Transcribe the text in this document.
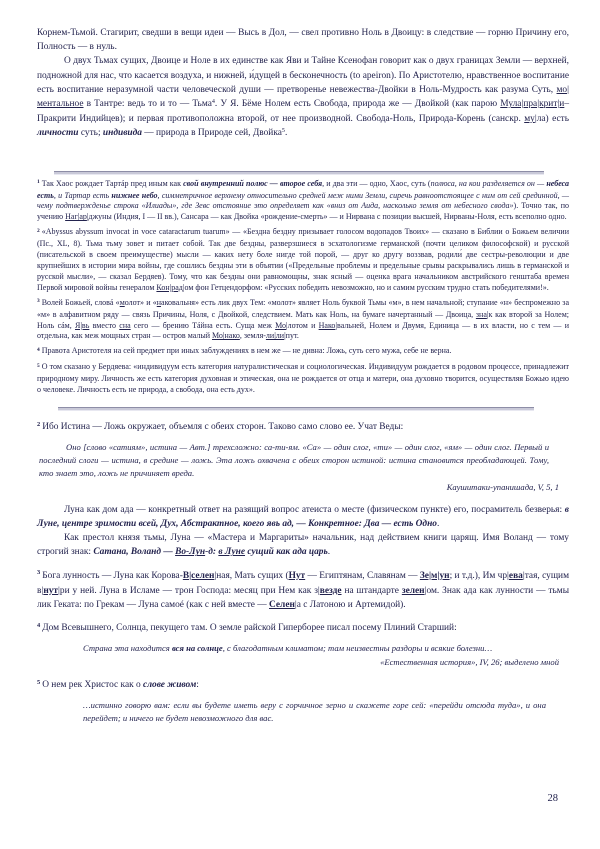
Корнем-Тьмой. Стагирит, сведши в вещи идеи — Высь в Дол, — свел противно Ноль в Двоицу: в следствие — горню Причину его, Полность — в нуль.

О двух Тьмах сущих, Двоице и Ноле в их единстве как Яви и Тайне Ксенофан говорит как о двух границах Земли — верхней, подножной для нас, что касается воздуха, и нижней, и́дущей в бесконечность (to apeiron). По Аристотелю, нравственное воспитание есть воспитание неразумной части человеческой души — претворенье невежества-Двойки в Ноль-Мудрость как разума Суть, мо|ментальное в Тантре: ведь то и то — Тьма$^4$. У Я. Бёме Нолем есть Свобода, природа же — Двойкой (как парою Мула|пра|крит|и–Пракрити Индийцев); и первая противоположна второй, от нее производной. Свобода-Ноль, Природа-Корень (санскр. му|ла) есть личности суть; индивида — природа в Природе сей, Двойка$^5$.

$^1$ Так Хаос рождает Тартáр пред иным как свой внутренний полюс — второе себя, и два эти — одно, Хаос, суть (полюса, на кои разделяется он — небеса есть, и Тартар есть нижнее небо, симметричное верхнему относительно средней меж ними Земли, сиречь равноотстоящее с ним от сей срединной, — чему подтвержденье строка «Илиады», где Зевс отстояние это определяет как «вниз от Аида, насколько земля от небесного свода»). Точно так, по учению Наг|ар|джуны (Индия, I — II вв.), Сансара — как Двойка «рождение-смерть» — и Нирвана с позиции высшей, Нирваны-Ноля, есть всеполно одно.

$^2$ «Abyssus abyssum invocat in voce cataractarum tuarum» — «Бездна бездну призывает голосом водопадов Твоих» — сказано в Библии о Божьем величии (Пс., XL, 8). Тьма тьму зовет и питает собой. Так две бездны, разверзшиеся в эсхатологизме германской (почти целиком философской) и русской (писательской в своем преимуществе) мысли — каких нету боле нигде той порой, — друг ко другу воззвав, родили́ две сестры-революции и две крупнейших в истории мира войны, где сошлись бездны эти в объятии («Предельные проблемы и предельные срывы раскрывались лишь в германской и русской мысли», — сказал Бердяев). Тому, что как бездны они равномощны, знак ясный — оценка врага начальником австрийского генштаба времен Первой мировой войны генералом Кон|рад|ом фон Гетцендорфом: «Русских победить невозможно, но и самим русским трудно стать победителями!».

$^3$ Волей Божьей, словá «молот» и «наковальня» есть лик двух Тем: «молот» являет Ноль буквой Тьмы «м», в нем начальной; ступание «н» беспромежно за «м» в алфавитном ряду — связь Причины, Ноля, с Двойкой, следствием. Мать как Ноль, на бумаге начертанный — Двоица, зна|к как второй за Нолем; Ноль сáм, Я|вь вместо сна сего — брению Тáйна есть. Суща меж Мо|лотом и Нако|вальней, Нолем и Двумя, Единица — в их власти, но с тем — и отдельна, как меж мощных стран — остров малый Мо|нако, земля-ли|ли|пут.

$^4$ Правота Аристотеля на сей предмет при иных заблуждениях в нем же — не дивна: Ложь, суть сего мужа, себе не верна.

$^5$ О том сказано у Бердяева: «индивидуум есть категория натуралистическая и социологическая. Индивидуум рождается в родовом процессе, принадлежит природному миру. Личность же есть категория духовная и этическая, она не рождается от отца и матери, она духовно творится, осуществляя Божью идею о человеке. Личность есть не природа, а свобода, она есть дух».

$^2$ Ибо Истина — Ложь окружает, объемля с обеих сторон. Таково само слово ее. Учат Веды:

Оно [слово «сатиям», истина — Авт.] трехсложно: са-ти-ям. «Са» — один слог, «ти» — один слог, «ям» — один слог. Первый и последний слоги — истина, в средине — ложь. Эта ложь охвачена с обеих сторон истиной: истина становится преобладающей. Тому, кто знает это, ложь не причиняет вреда.

Каушитаки-упанишада, V, 5, 1

Луна как дом ада — конкретный ответ на разящий вопрос атеиста о месте (физическом пункте) его, посрамитель безверья: в Луне, центре зримости всей, Дух, Абстрактное, коего явь ад, — Конкретное: Два — есть Одно.

Как престол князя тьмы, Луна — «Мастера и Маргариты» начальник, над действием книги царящ. Имя Воланд — тому строгий знак: Сатана, Воланд — Во-Лун-д: в Луне сущий как ада царь.

$^3$ Бога лунность — Луна как Корова-В|селен|ная, Мать сущих (Нут — Египтянам, Славянам — Зе|м|ун; и т.д.), Им чр|ева|тая, сущим в|нут|ри у ней. Луна в Исламе — трон Господа: месяц при Нем как з|везде на штандарте зелен|ом. Знак ада как лунности — тьмы лик Геката: по Грекам — Луна самоé (как с ней вместе — Селен|а с Латоною и Артемидой).

$^4$ Дом Всевышнего, Солнца, пекущего там. О земле райской Гиперборее писал посему Плиний Старший:

Страна эта находится вся на солнце, с благодатным климатом; там неизвестны раздоры и всякие болезни…

«Естественная история», IV, 26; выделено мной

$^5$ О нем рек Христос как о слове живом:

…истинно говорю вам: если вы будете иметь веру с горчичное зерно и скажете горе сей: «перейди отсюда туда», и она перейдет; и ничего не будет невозможного для вас.

28
